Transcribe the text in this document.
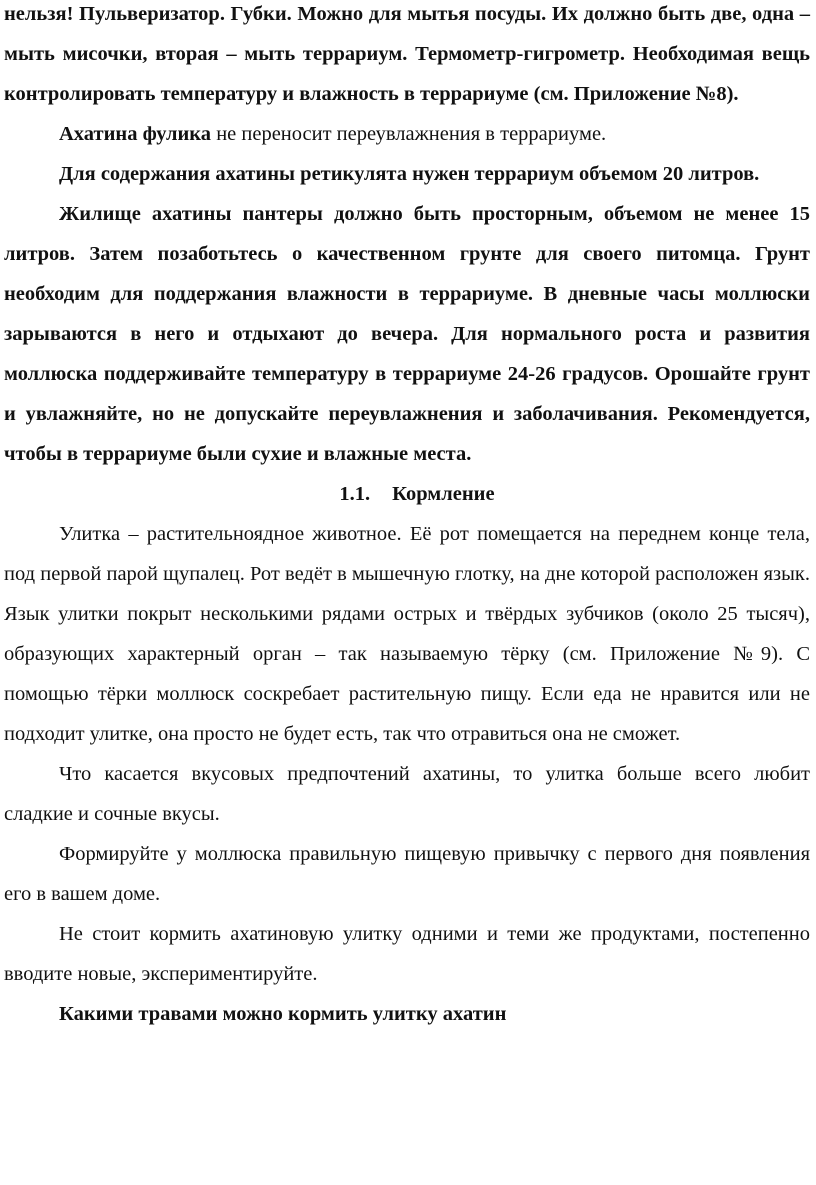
нельзя! Пульверизатор. Губки. Можно для мытья посуды. Их должно быть две, одна – мыть мисочки, вторая – мыть террариум. Термометр-гигрометр. Необходимая вещь контролировать температуру и влажность в террариуме (см. Приложение №8).

Ахатина фулика не переносит переувлажнения в террариуме.

Для содержания ахатины ретикулята нужен террариум объемом 20 литров.

Жилище ахатины пантеры должно быть просторным, объемом не менее 15 литров. Затем позаботьтесь о качественном грунте для своего питомца. Грунт необходим для поддержания влажности в террариуме. В дневные часы моллюски зарываются в него и отдыхают до вечера. Для нормального роста и развития моллюска поддерживайте температуру в террариуме 24-26 градусов. Орошайте грунт и увлажняйте, но не допускайте переувлажнения и заболачивания. Рекомендуется, чтобы в террариуме были сухие и влажные места.

1.1. Кормление

Улитка – растительноядное животное. Её рот помещается на переднем конце тела, под первой парой щупалец. Рот ведёт в мышечную глотку, на дне которой расположен язык. Язык улитки покрыт несколькими рядами острых и твёрдых зубчиков (около 25 тысяч), образующих характерный орган – так называемую тёрку (см. Приложение №9). С помощью тёрки моллюск соскребает растительную пищу. Если еда не нравится или не подходит улитке, она просто не будет есть, так что отравиться она не сможет.

Что касается вкусовых предпочтений ахатины, то улитка больше всего любит сладкие и сочные вкусы.

Формируйте у моллюска правильную пищевую привычку с первого дня появления его в вашем доме.

Не стоит кормить ахатиновую улитку одними и теми же продуктами, постепенно вводите новые, экспериментируйте.

Какими травами можно кормить улитку ахатин
